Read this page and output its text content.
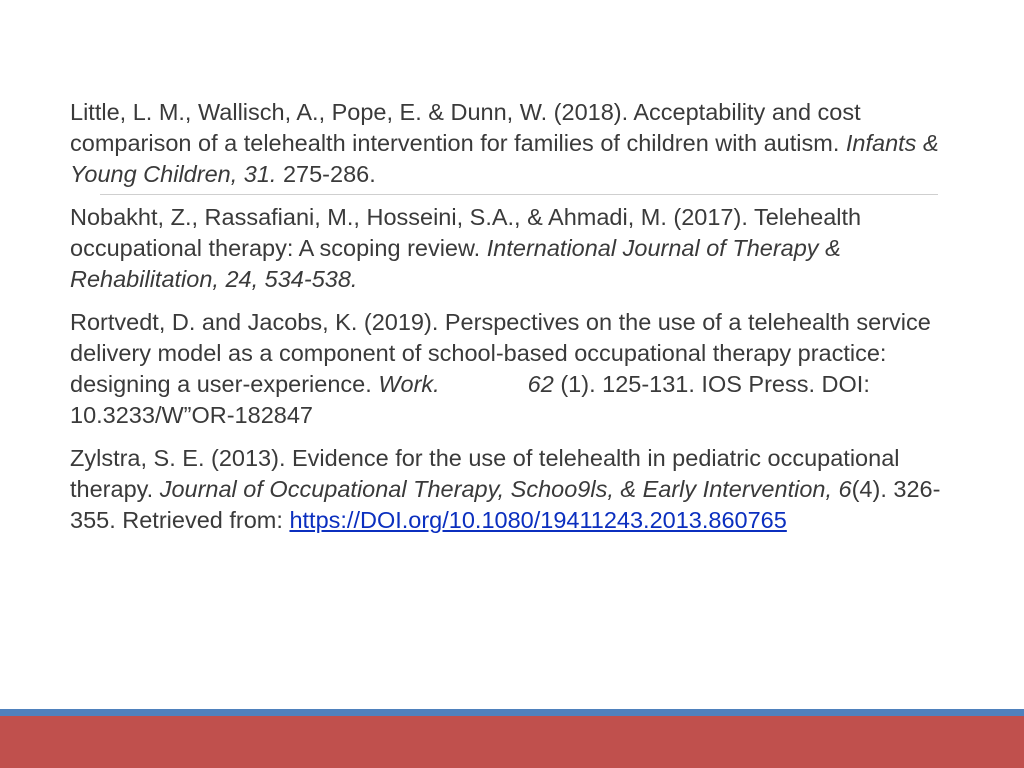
Little, L. M., Wallisch, A., Pope, E. & Dunn, W. (2018). Acceptability and cost comparison of a telehealth intervention for families of children with autism. Infants & Young Children, 31. 275-286.

Nobakht, Z., Rassafiani, M., Hosseini, S.A., & Ahmadi, M. (2017). Telehealth occupational therapy: A scoping review. International Journal of Therapy & Rehabilitation, 24, 534-538.

Rortvedt, D. and Jacobs, K. (2019). Perspectives on the use of a telehealth service delivery model as a component of school-based occupational therapy practice: designing a user-experience. Work.	62 (1). 125-131. IOS Press. DOI: 10.3233/W”OR-182847

Zylstra, S. E. (2013). Evidence for the use of telehealth in pediatric occupational therapy. Journal of Occupational Therapy, Schoo9ls, & Early Intervention, 6(4). 326-355. Retrieved from: https://DOI.org/10.1080/19411243.2013.860765
